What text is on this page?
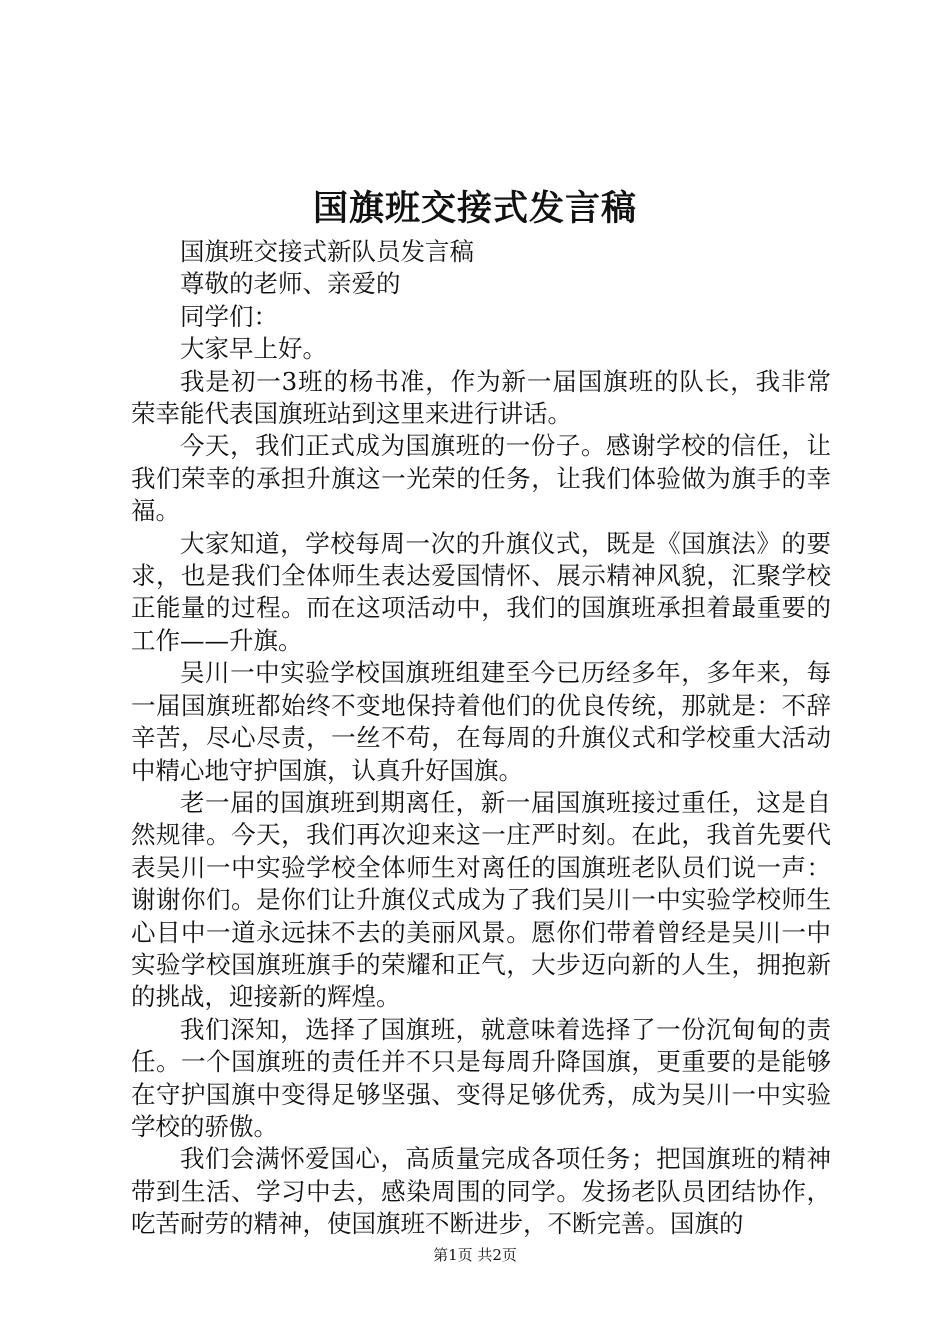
国旗班交接式发言稿

国旗班交接式新队员发言稿

尊敬的老师、亲爱的

同学们：

大家早上好。

我是初一3班的杨书准，作为新一届国旗班的队长，我非常荣幸能代表国旗班站到这里来进行讲话。

今天，我们正式成为国旗班的一份子。感谢学校的信任，让我们荣幸的承担升旗这一光荣的任务，让我们体验做为旗手的幸福。

大家知道，学校每周一次的升旗仪式，既是《国旗法》的要求，也是我们全体师生表达爱国情怀、展示精神风貌，汇聚学校正能量的过程。而在这项活动中，我们的国旗班承担着最重要的工作——升旗。

吴川一中实验学校国旗班组建至今已历经多年，多年来，每一届国旗班都始终不变地保持着他们的优良传统，那就是：不辞辛苦，尽心尽责，一丝不苟，在每周的升旗仪式和学校重大活动中精心地守护国旗，认真升好国旗。

老一届的国旗班到期离任，新一届国旗班接过重任，这是自然规律。今天，我们再次迎来这一庄严时刻。在此，我首先要代表吴川一中实验学校全体师生对离任的国旗班老队员们说一声：谢谢你们。是你们让升旗仪式成为了我们吴川一中实验学校师生心目中一道永远抹不去的美丽风景。愿你们带着曾经是吴川一中实验学校国旗班旗手的荣耀和正气，大步迈向新的人生，拥抱新的挑战，迎接新的辉煌。

我们深知，选择了国旗班，就意味着选择了一份沉甸甸的责任。一个国旗班的责任并不只是每周升降国旗，更重要的是能够在守护国旗中变得足够坚强、变得足够优秀，成为吴川一中实验学校的骄傲。

我们会满怀爱国心，高质量完成各项任务；把国旗班的精神带到生活、学习中去，感染周围的同学。发扬老队员团结协作，吃苦耐劳的精神，使国旗班不断进步，不断完善。国旗的

第1页 共2页
